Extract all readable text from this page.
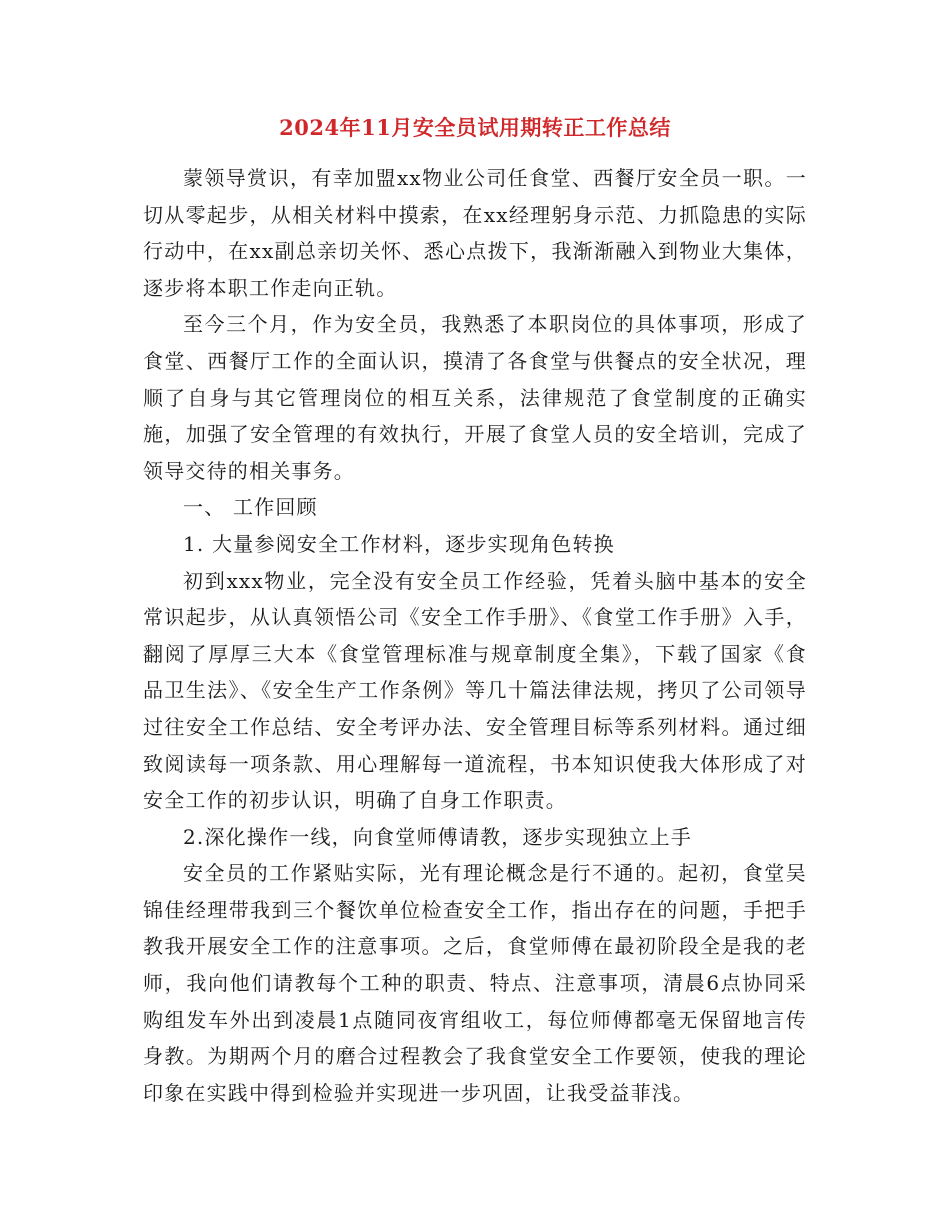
2024年11月安全员试用期转正工作总结

蒙领导赏识，有幸加盟xx物业公司任食堂、西餐厅安全员一职。一切从零起步，从相关材料中摸索，在xx经理躬身示范、力抓隐患的实际行动中，在xx副总亲切关怀、悉心点拨下，我渐渐融入到物业大集体，逐步将本职工作走向正轨。

至今三个月，作为安全员，我熟悉了本职岗位的具体事项，形成了食堂、西餐厅工作的全面认识，摸清了各食堂与供餐点的安全状况，理顺了自身与其它管理岗位的相互关系，法律规范了食堂制度的正确实施，加强了安全管理的有效执行，开展了食堂人员的安全培训，完成了领导交待的相关事务。

一、 工作回顾

1. 大量参阅安全工作材料，逐步实现角色转换

初到xxx物业，完全没有安全员工作经验，凭着头脑中基本的安全常识起步，从认真领悟公司《安全工作手册》、《食堂工作手册》入手，翻阅了厚厚三大本《食堂管理标准与规章制度全集》，下载了国家《食品卫生法》、《安全生产工作条例》等几十篇法律法规，拷贝了公司领导过往安全工作总结、安全考评办法、安全管理目标等系列材料。通过细致阅读每一项条款、用心理解每一道流程，书本知识使我大体形成了对安全工作的初步认识，明确了自身工作职责。

2.深化操作一线，向食堂师傅请教，逐步实现独立上手

安全员的工作紧贴实际，光有理论概念是行不通的。起初，食堂吴锦佳经理带我到三个餐饮单位检查安全工作，指出存在的问题，手把手教我开展安全工作的注意事项。之后，食堂师傅在最初阶段全是我的老师，我向他们请教每个工种的职责、特点、注意事项，清晨6点协同采购组发车外出到凌晨1点随同夜宵组收工，每位师傅都毫无保留地言传身教。为期两个月的磨合过程教会了我食堂安全工作要领，使我的理论印象在实践中得到检验并实现进一步巩固，让我受益菲浅。
